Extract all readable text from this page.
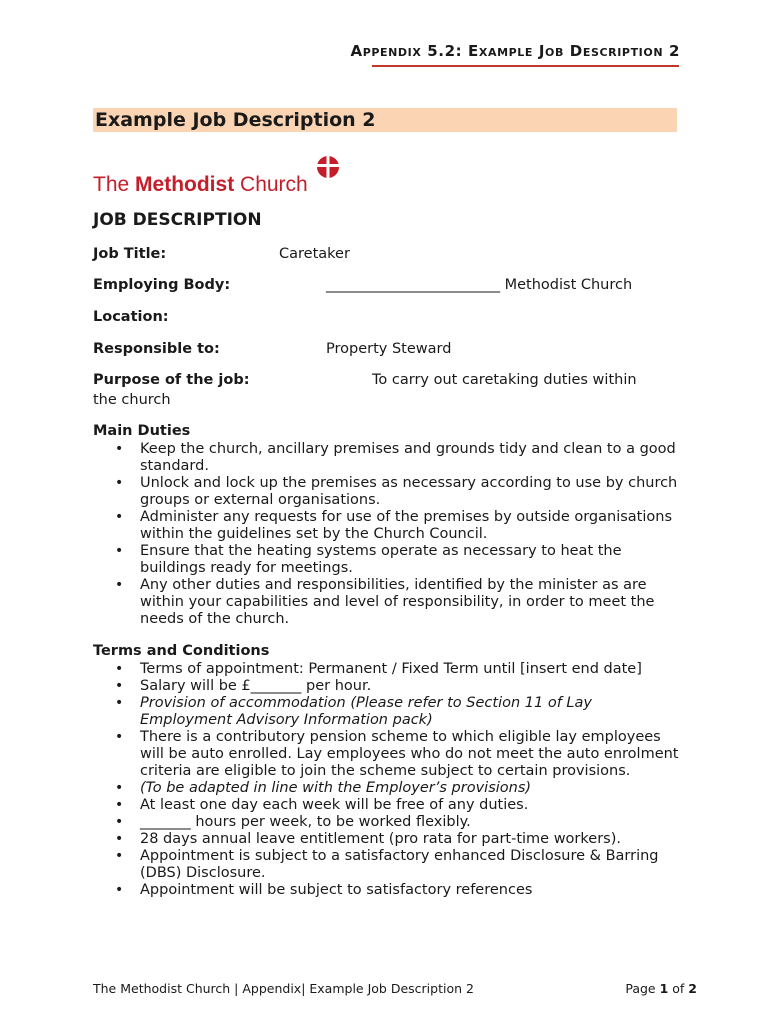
Appendix 5.2: Example Job Description 2
Example Job Description 2
The Methodist Church
JOB DESCRIPTION
Job Title:	Caretaker
Employing Body:	________________________ Methodist Church
Location:
Responsible to:	Property Steward
Purpose of the job:	To carry out caretaking duties within
the church
Main Duties
• Keep the church, ancillary premises and grounds tidy and clean to a good standard.
• Unlock and lock up the premises as necessary according to use by church groups or external organisations.
• Administer any requests for use of the premises by outside organisations within the guidelines set by the Church Council.
• Ensure that the heating systems operate as necessary to heat the buildings ready for meetings.
• Any other duties and responsibilities, identified by the minister as are within your capabilities and level of responsibility, in order to meet the needs of the church.
Terms and Conditions
• Terms of appointment: Permanent / Fixed Term until [insert end date]
• Salary will be £_______ per hour.
• Provision of accommodation (Please refer to Section 11 of Lay Employment Advisory Information pack)
• There is a contributory pension scheme to which eligible lay employees will be auto enrolled. Lay employees who do not meet the auto enrolment criteria are eligible to join the scheme subject to certain provisions.
• (To be adapted in line with the Employer’s provisions)
• At least one day each week will be free of any duties.
• _______ hours per week, to be worked flexibly.
• 28 days annual leave entitlement (pro rata for part-time workers).
• Appointment is subject to a satisfactory enhanced Disclosure & Barring (DBS) Disclosure.
• Appointment will be subject to satisfactory references
The Methodist Church | Appendix| Example Job Description 2	Page 1 of 2
